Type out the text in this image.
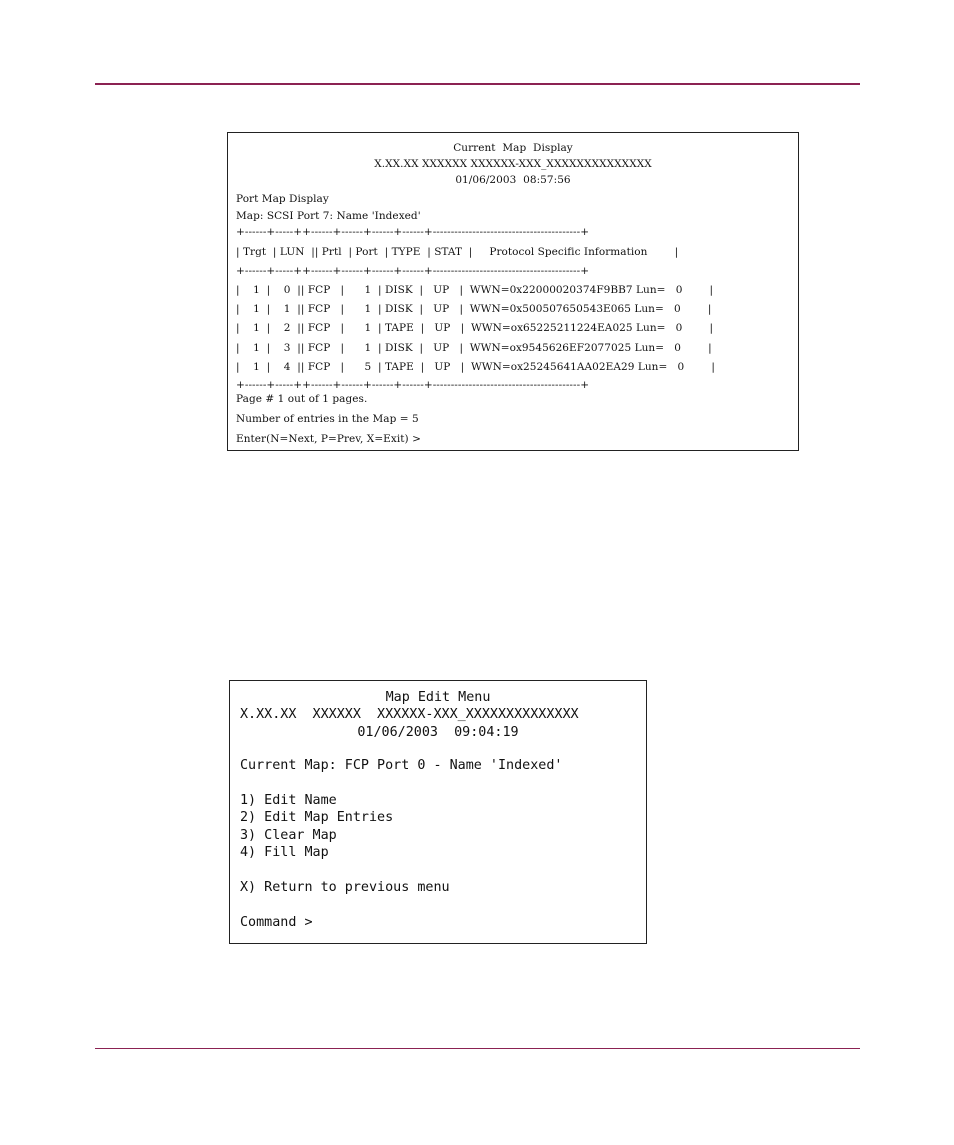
Current  Map  Display
X.XX.XX XXXXXX XXXXXX-XXX_XXXXXXXXXXXXXX
01/06/2003  08:57:56
Port Map Display
Map: SCSI Port 7: Name 'Indexed'
+------+-----++------+------+------+------+-----------------------------------------+
| Trgt  | LUN  || Prtl  | Port  | TYPE  | STAT  |     Protocol Specific Information        |
+------+-----++------+------+------+------+-----------------------------------------+
|    1  |    0  || FCP   |      1  | DISK  |   UP   |  WWN=0x22000020374F9BB7 Lun=   0        |
|    1  |    1  || FCP   |      1  | DISK  |   UP   |  WWN=0x500507650543E065 Lun=   0        |
|    1  |    2  || FCP   |      1  | TAPE  |   UP   |  WWN=ox65225211224EA025 Lun=   0        |
|    1  |    3  || FCP   |      1  | DISK  |   UP   |  WWN=ox9545626EF2077025 Lun=   0        |
|    1  |    4  || FCP   |      5  | TAPE  |   UP   |  WWN=ox25245641AA02EA29 Lun=   0        |
+------+-----++------+------+------+------+-----------------------------------------+
Page # 1 out of 1 pages.
Number of entries in the Map = 5
Enter(N=Next, P=Prev, X=Exit) >
Map Edit Menu
X.XX.XX  XXXXXX  XXXXXX-XXX_XXXXXXXXXXXXXX
01/06/2003  09:04:19
Current Map: FCP Port 0 - Name 'Indexed'
1) Edit Name
2) Edit Map Entries
3) Clear Map
4) Fill Map
X) Return to previous menu
Command >
